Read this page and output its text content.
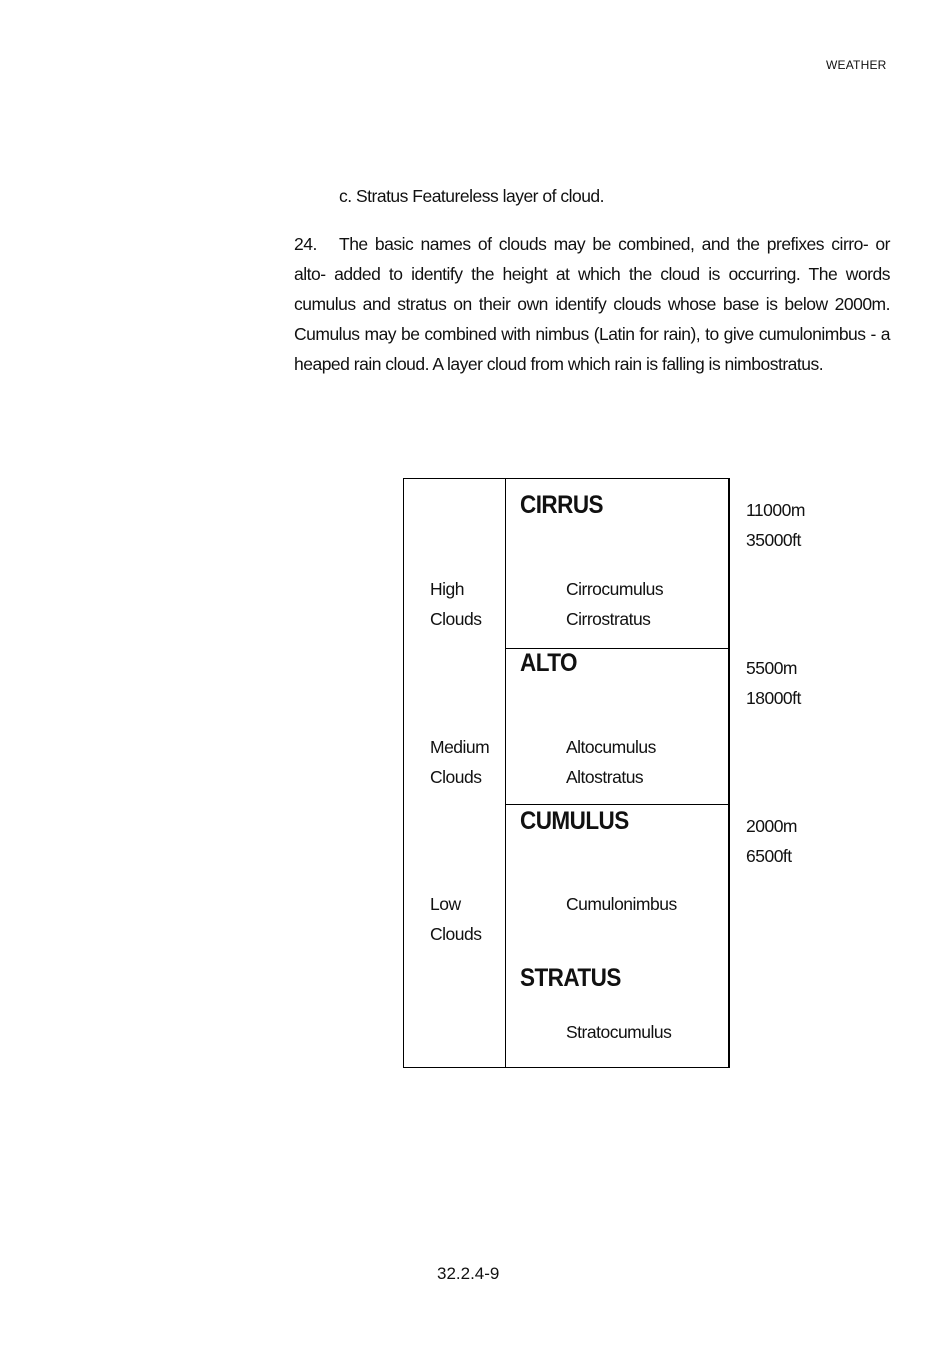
WEATHER
c. Stratus Featureless layer of cloud.
24. The basic names of clouds may be combined, and the prefixes cirro- or alto- added to identify the height at which the cloud is occurring. The words cumulus and stratus on their own identify clouds whose base is below 2000m. Cumulus may be combined with nimbus (Latin for rain), to give cumulonimbus - a heaped rain cloud. A layer cloud from which rain is falling is nimbostratus.
CIRRUS
Cirrocumulus
Cirrostratus
High
Clouds
ALTO
Altocumulus
Altostratus
Medium
Clouds
CUMULUS
Cumulonimbus
Low
Clouds
STRATUS
Stratocumulus
11000m
35000ft
5500m
18000ft
2000m
6500ft
32.2.4-9
